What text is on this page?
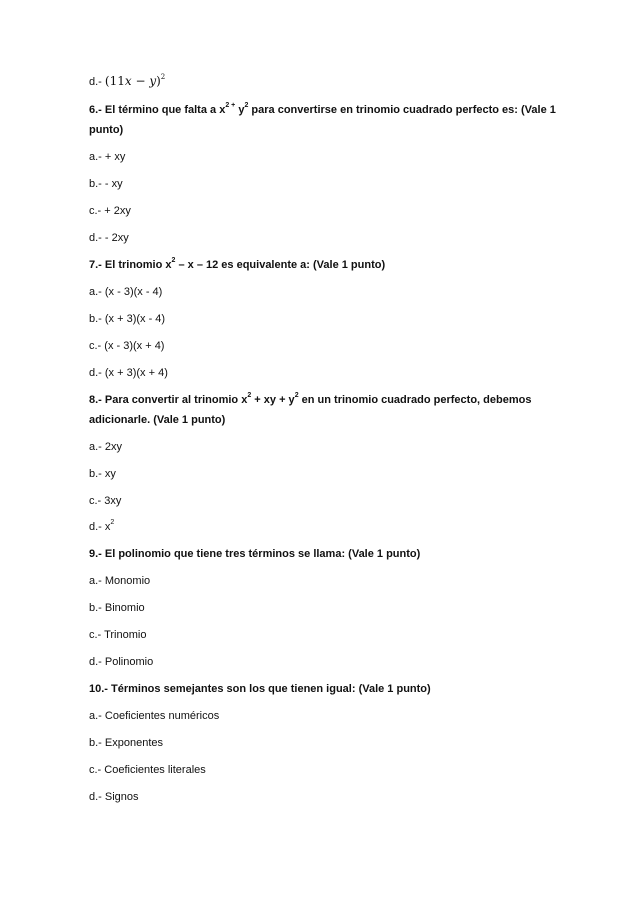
d.- $(11x - y)^2$
6.- El término que falta a $x^2$ + $y^2$ para convertirse en trinomio cuadrado perfecto es: (Vale 1
punto)
a.- + xy
b.- - xy
c.- + 2xy
d.- - 2xy
7.- El trinomio $x^2$ – x – 12 es equivalente a: (Vale 1 punto)
a.- (x - 3)(x - 4)
b.- (x + 3)(x - 4)
c.- (x - 3)(x + 4)
d.- (x + 3)(x + 4)
8.- Para convertir al trinomio $x^2$ + xy + $y^2$ en un trinomio cuadrado perfecto, debemos
adicionarle. (Vale 1 punto)
a.- 2xy
b.- xy
c.- 3xy
d.- $x^2$
9.- El polinomio que tiene tres términos se llama: (Vale 1 punto)
a.- Monomio
b.- Binomio
c.- Trinomio
d.- Polinomio
10.- Términos semejantes son los que tienen igual: (Vale 1 punto)
a.- Coeficientes numéricos
b.- Exponentes
c.- Coeficientes literales
d.- Signos
